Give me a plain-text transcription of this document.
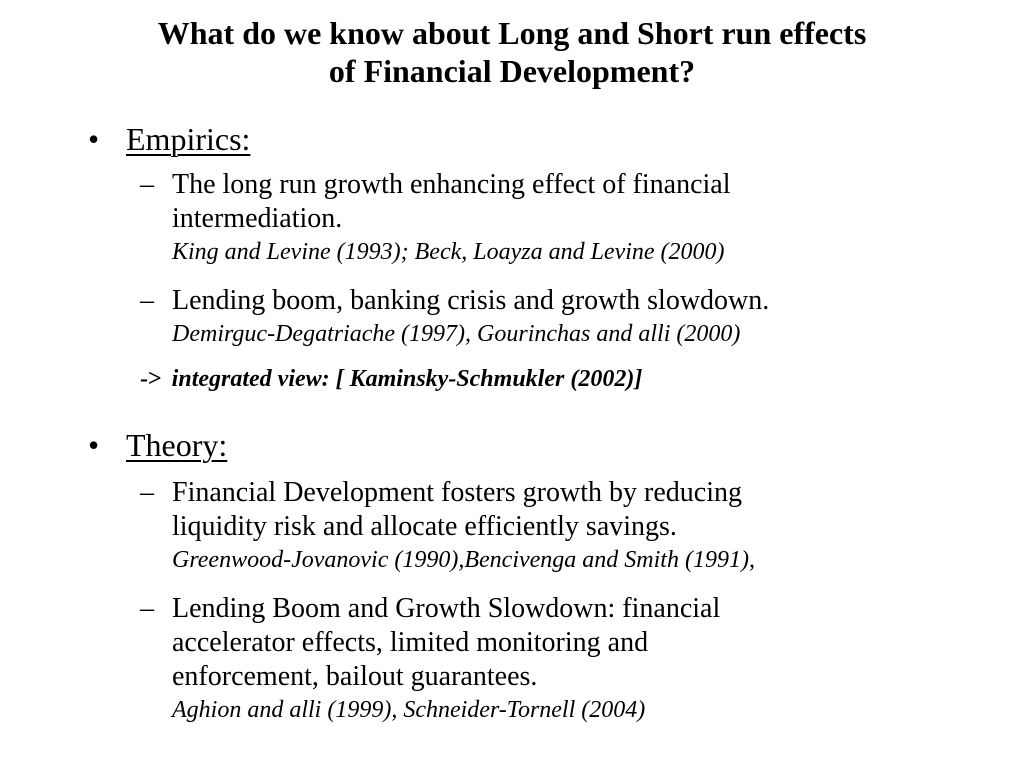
What do we know about Long and Short run effects
of Financial Development?
• Empirics:
– The long run growth enhancing effect of financial
intermediation.
King and Levine (1993); Beck, Loayza and Levine (2000)
– Lending boom, banking crisis and growth slowdown.
Demirguc-Degatriache (1997), Gourinchas and alli (2000)
-> integrated view: [ Kaminsky-Schmukler (2002)]
• Theory:
– Financial Development fosters growth by reducing
liquidity risk and allocate efficiently savings.
Greenwood-Jovanovic (1990),Bencivenga and Smith (1991),
– Lending Boom and Growth Slowdown: financial
accelerator effects, limited monitoring and
enforcement, bailout guarantees.
Aghion and alli (1999), Schneider-Tornell (2004)
